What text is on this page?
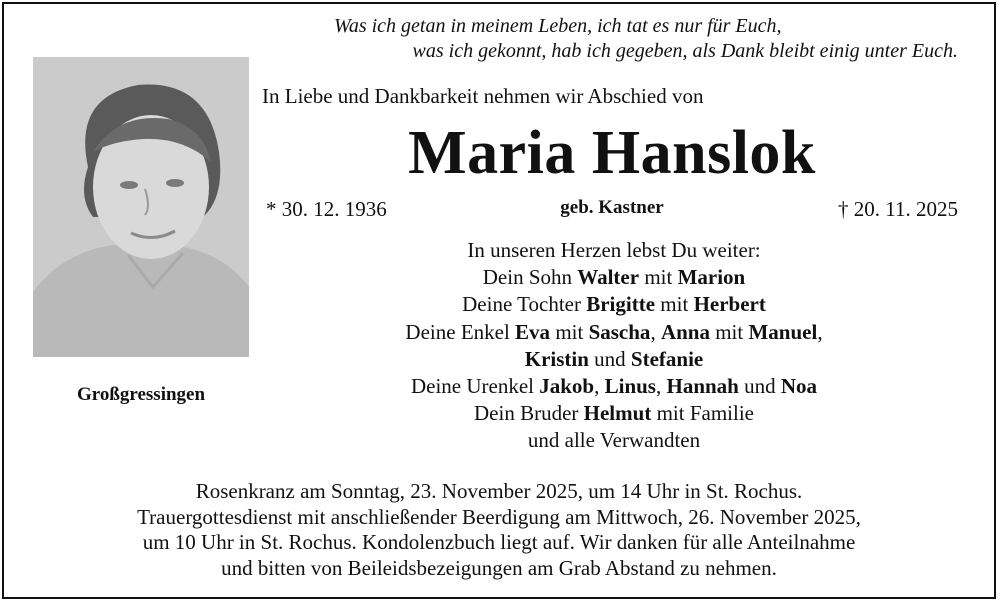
Was ich getan in meinem Leben, ich tat es nur für Euch,
was ich gekonnt, hab ich gegeben, als Dank bleibt einig unter Euch.

Großgressingen
In Liebe und Dankbarkeit nehmen wir Abschied von
Maria Hanslok
* 30. 12. 1936	geb. Kastner	† 20. 11. 2025
In unseren Herzen lebst Du weiter:
Dein Sohn Walter mit Marion
Deine Tochter Brigitte mit Herbert
Deine Enkel Eva mit Sascha, Anna mit Manuel,
Kristin und Stefanie
Deine Urenkel Jakob, Linus, Hannah und Noa
Dein Bruder Helmut mit Familie
und alle Verwandten
Rosenkranz am Sonntag, 23. November 2025, um 14 Uhr in St. Rochus.
Trauergottesdienst mit anschließender Beerdigung am Mittwoch, 26. November 2025,
um 10 Uhr in St. Rochus. Kondolenzbuch liegt auf. Wir danken für alle Anteilnahme
und bitten von Beileidsbezeigungen am Grab Abstand zu nehmen.
